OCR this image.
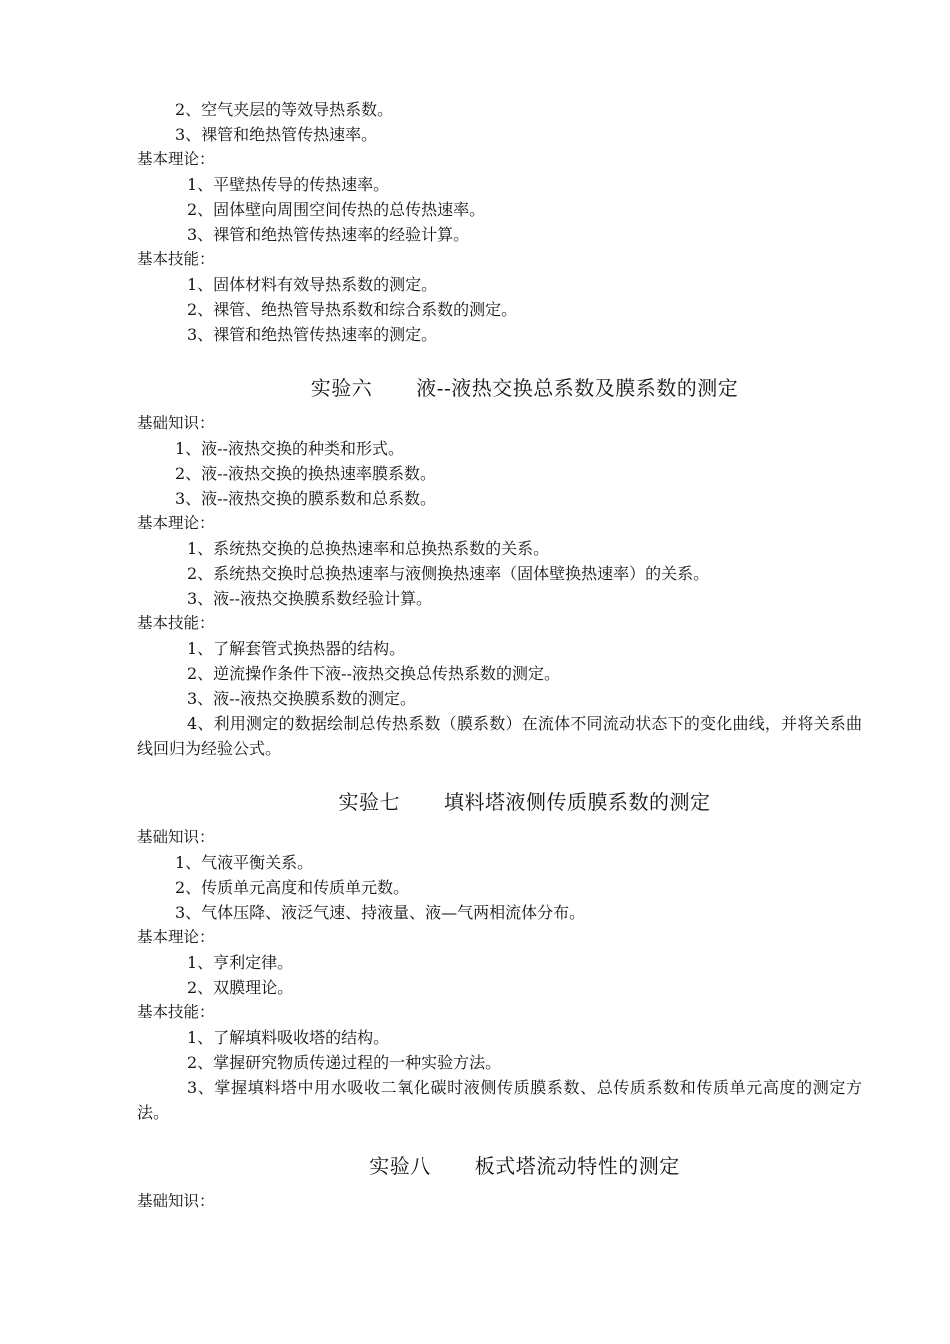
2、空气夹层的等效导热系数。
3、裸管和绝热管传热速率。
基本理论：
1、平壁热传导的传热速率。
2、固体壁向周围空间传热的总传热速率。
3、裸管和绝热管传热速率的经验计算。
基本技能：
1、固体材料有效导热系数的测定。
2、裸管、绝热管导热系数和综合系数的测定。
3、裸管和绝热管传热速率的测定。
实验六 液--液热交换总系数及膜系数的测定
基础知识：
1、液--液热交换的种类和形式。
2、液--液热交换的换热速率膜系数。
3、液--液热交换的膜系数和总系数。
基本理论：
1、系统热交换的总换热速率和总换热系数的关系。
2、系统热交换时总换热速率与液侧换热速率（固体壁换热速率）的关系。
3、液--液热交换膜系数经验计算。
基本技能：
1、了解套管式换热器的结构。
2、逆流操作条件下液--液热交换总传热系数的测定。
3、液--液热交换膜系数的测定。
4、利用测定的数据绘制总传热系数（膜系数）在流体不同流动状态下的变化曲线，并将关系曲线回归为经验公式。
实验七 填料塔液侧传质膜系数的测定
基础知识：
1、气液平衡关系。
2、传质单元高度和传质单元数。
3、气体压降、液泛气速、持液量、液—气两相流体分布。
基本理论：
1、亨利定律。
2、双膜理论。
基本技能：
1、了解填料吸收塔的结构。
2、掌握研究物质传递过程的一种实验方法。
3、掌握填料塔中用水吸收二氧化碳时液侧传质膜系数、总传质系数和传质单元高度的测定方法。
实验八 板式塔流动特性的测定
基础知识：
